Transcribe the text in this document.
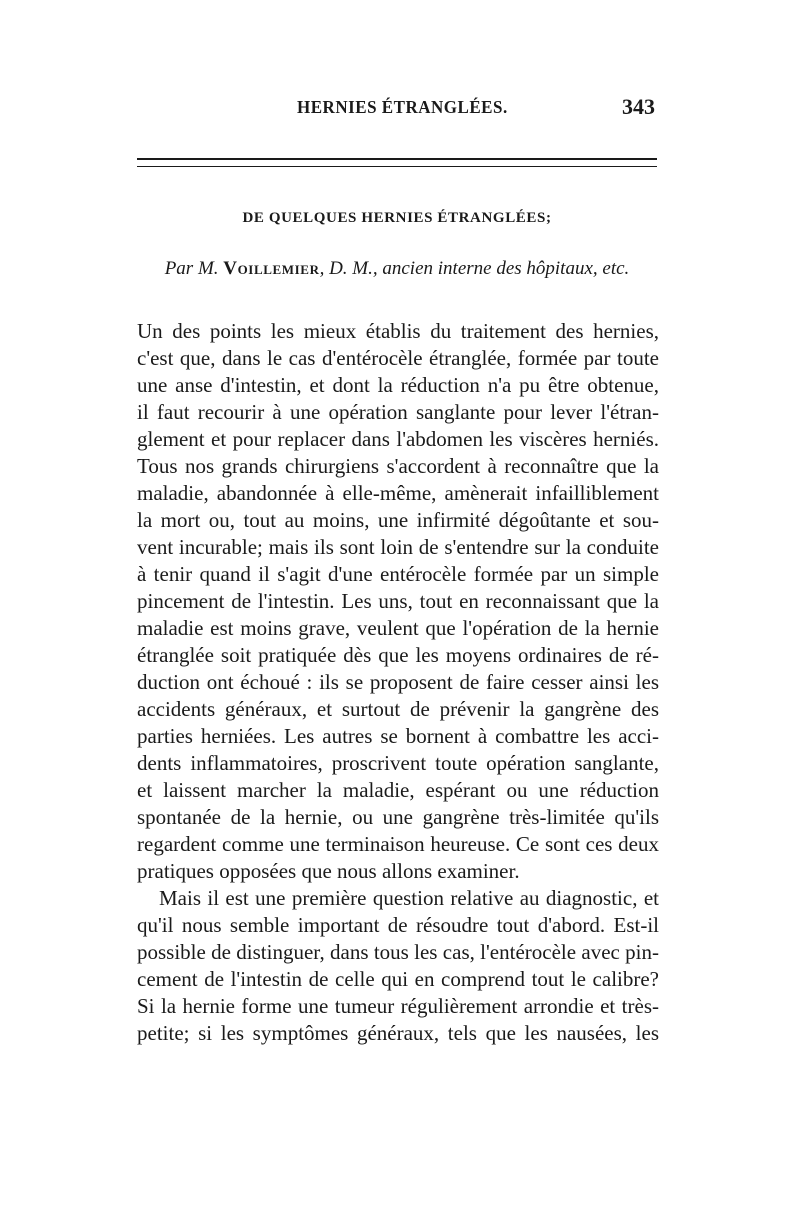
HERNIES ÉTRANGLÉES.	343
DE QUELQUES HERNIES ÉTRANGLÉES;
Par M. Voillemier, D. M., ancien interne des hôpitaux, etc.
Un des points les mieux établis du traitement des hernies,
c'est que, dans le cas d'entérocèle étranglée, formée par toute
une anse d'intestin, et dont la réduction n'a pu être obtenue,
il faut recourir à une opération sanglante pour lever l'étran-
glement et pour replacer dans l'abdomen les viscères herniés.
Tous nos grands chirurgiens s'accordent à reconnaître que la
maladie, abandonnée à elle-même, amènerait infailliblement
la mort ou, tout au moins, une infirmité dégoûtante et sou-
vent incurable; mais ils sont loin de s'entendre sur la conduite
à tenir quand il s'agit d'une entérocèle formée par un simple
pincement de l'intestin. Les uns, tout en reconnaissant que la
maladie est moins grave, veulent que l'opération de la hernie
étranglée soit pratiquée dès que les moyens ordinaires de ré-
duction ont échoué : ils se proposent de faire cesser ainsi les
accidents généraux, et surtout de prévenir la gangrène des
parties herniées. Les autres se bornent à combattre les acci-
dents inflammatoires, proscrivent toute opération sanglante,
et laissent marcher la maladie, espérant ou une réduction
spontanée de la hernie, ou une gangrène très-limitée qu'ils
regardent comme une terminaison heureuse. Ce sont ces deux
pratiques opposées que nous allons examiner.
Mais il est une première question relative au diagnostic, et
qu'il nous semble important de résoudre tout d'abord. Est-il
possible de distinguer, dans tous les cas, l'entérocèle avec pin-
cement de l'intestin de celle qui en comprend tout le calibre?
Si la hernie forme une tumeur régulièrement arrondie et très-
petite; si les symptômes généraux, tels que les nausées, les
